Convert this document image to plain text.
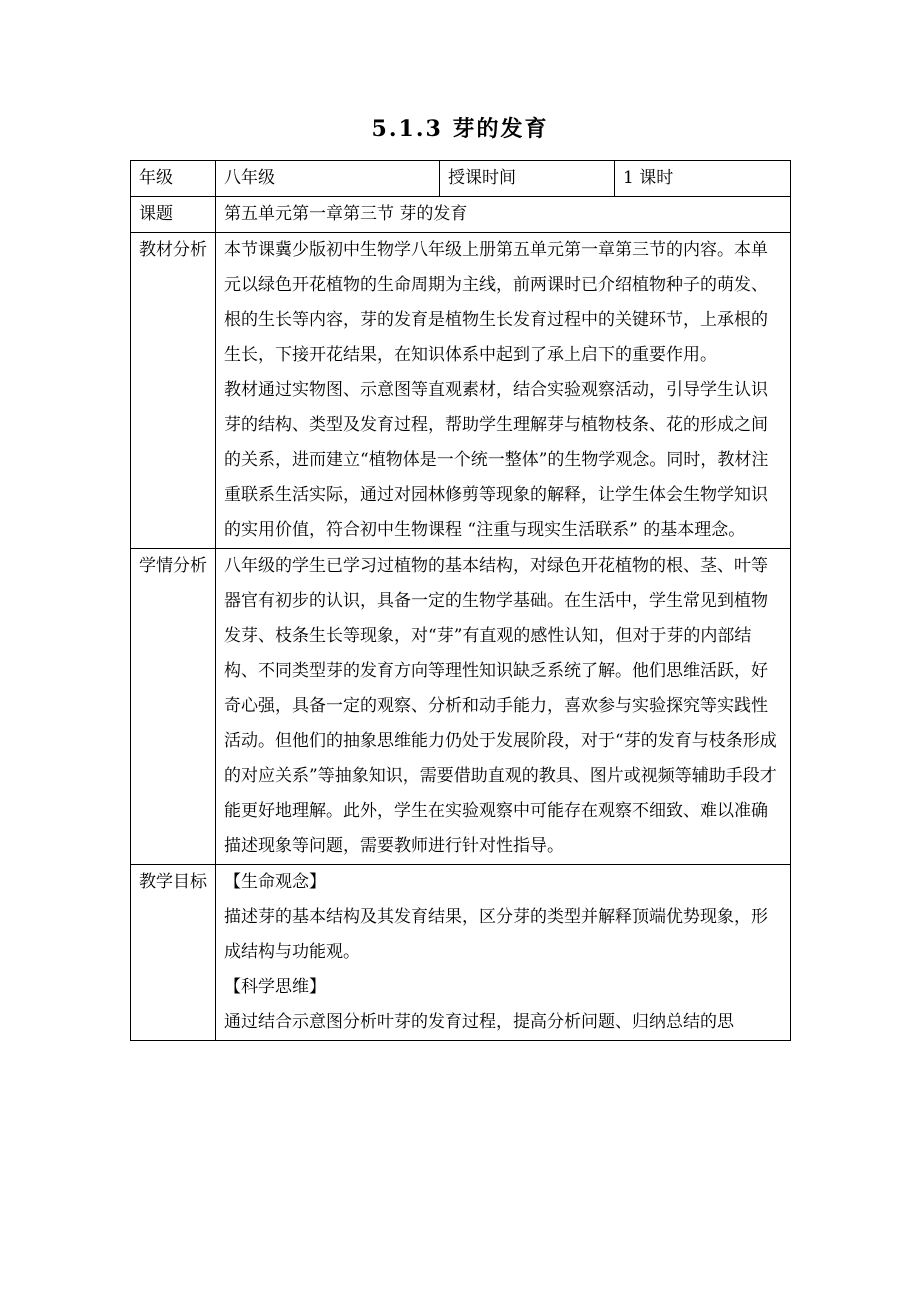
5.1.3 芽的发育
年级	八年级	授课时间	1 课时
课题	第五单元第一章第三节 芽的发育		
教材分析	本节课冀少版初中生物学八年级上册第五单元第一章第三节的内容。本单元以绿色开花植物的生命周期为主线，前两课时已介绍植物种子的萌发、根的生长等内容，芽的发育是植物生长发育过程中的关键环节，上承根的生长，下接开花结果，在知识体系中起到了承上启下的重要作用。

教材通过实物图、示意图等直观素材，结合实验观察活动，引导学生认识芽的结构、类型及发育过程，帮助学生理解芽与植物枝条、花的形成之间的关系，进而建立“植物体是一个统一整体”的生物学观念。同时，教材注重联系生活实际，通过对园林修剪等现象的解释，让学生体会生物学知识的实用价值，符合初中生物课程 “注重与现实生活联系” 的基本理念。		

学情分析	八年级的学生已学习过植物的基本结构，对绿色开花植物的根、茎、叶等器官有初步的认识，具备一定的生物学基础。在生活中，学生常见到植物发芽、枝条生长等现象，对“芽”有直观的感性认知，但对于芽的内部结构、不同类型芽的发育方向等理性知识缺乏系统了解。他们思维活跃，好奇心强，具备一定的观察、分析和动手能力，喜欢参与实验探究等实践性活动。但他们的抽象思维能力仍处于发展阶段，对于“芽的发育与枝条形成的对应关系”等抽象知识，需要借助直观的教具、图片或视频等辅助手段才能更好地理解。此外，学生在实验观察中可能存在观察不细致、难以准确描述现象等问题，需要教师进行针对性指导。		

教学目标	【生命观念】

描述芽的基本结构及其发育结果，区分芽的类型并解释顶端优势现象，形成结构与功能观。

【科学思维】

通过结合示意图分析叶芽的发育过程，提高分析问题、归纳总结的思		
